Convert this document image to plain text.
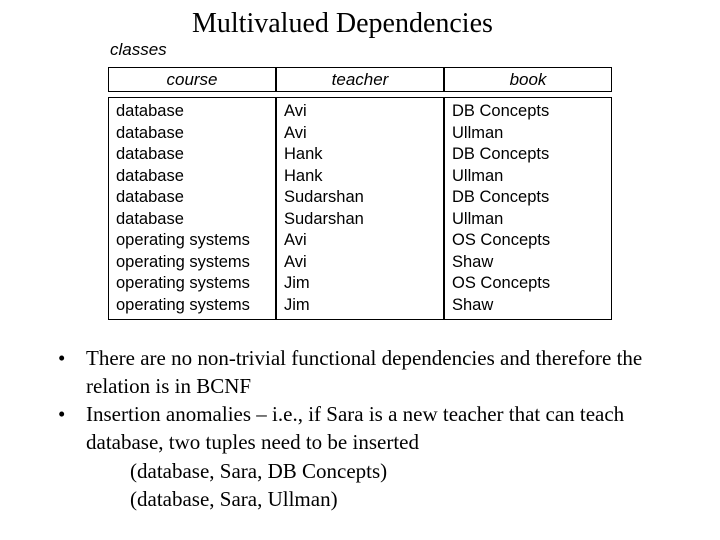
Multivalued Dependencies
classes
course	teacher	book
database
database
database
database
database
database
operating systems
operating systems
operating systems
operating systems
Avi
Avi
Hank
Hank
Sudarshan
Sudarshan
Avi
Avi
Jim
Jim
DB Concepts
Ullman
DB Concepts
Ullman
DB Concepts
Ullman
OS Concepts
Shaw
OS Concepts
Shaw
• There are no non-trivial functional dependencies and therefore the relation is in BCNF
• Insertion anomalies – i.e., if Sara is a new teacher that can teach database, two tuples need to be inserted
(database, Sara, DB Concepts)
(database, Sara, Ullman)
